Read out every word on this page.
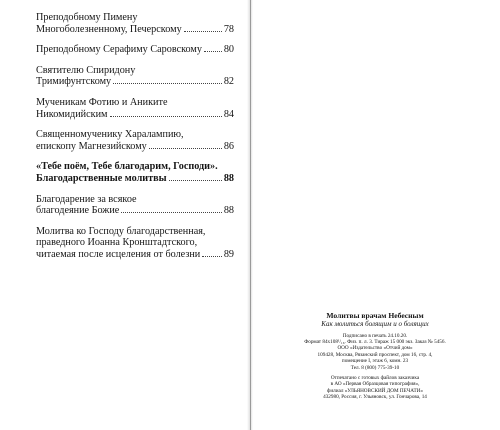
Преподобному Пимену
Многоболезненному, Печерскому	78
Преподобному Серафиму Саровскому 80
Святителю Спиридону
Тримифунтскому	82
Мученикам Фотию и Аниките
Никомидийским	84
Священномученику Харалампию,
епископу Магнезийскому	86
«Тебе поём, Тебе благодарим, Господи».
Благодарственные молитвы	88
Благодарение за всякое
благодеяние Божие	88
Молитва ко Господу благодарственная,
праведного Иоанна Кронштадтского,
читаемая после исцеления от болезни 89
Молитвы врачам Небесным
Как молиться болящим и о болящих
Подписано в печать 24.10.20.
Формат 84x108¹/₁₆. Физ. п. л. 3. Тираж 15 000 экз. Заказ № 5456.
ООО «Издательство «Отчий дом»
109428, Москва, Рязанский проспект, дом 16, стр. 4,
помещение I, этаж 6, комн. 23
Тел. 8 (800) 775-39-10
Отпечатано с готовых файлов заказчика
в АО «Первая Образцовая типография»,
филиал «УЛЬЯНОВСКИЙ ДОМ ПЕЧАТИ»
432980, Россия, г. Ульяновск, ул. Гончарова, 14
